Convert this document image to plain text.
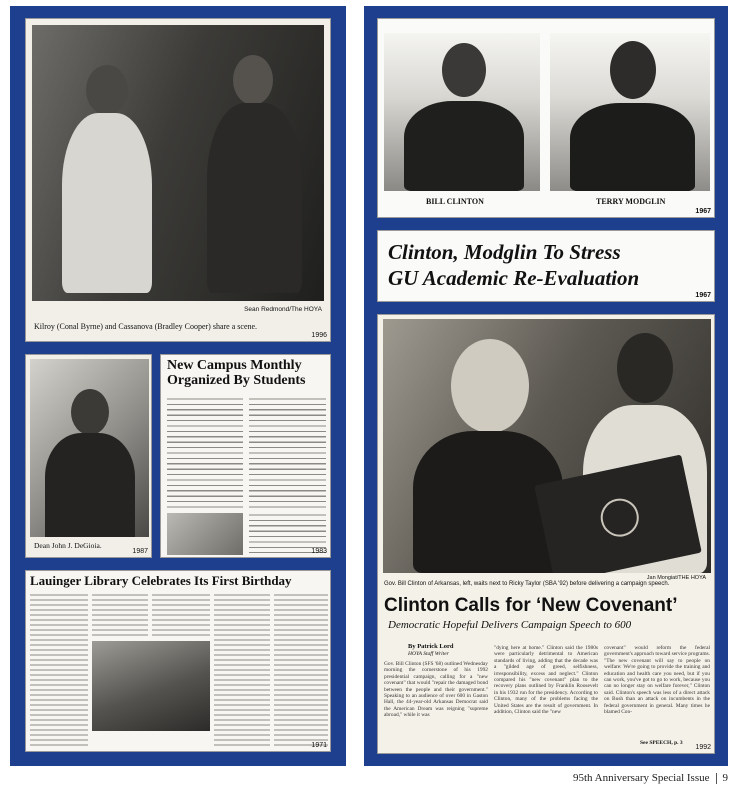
Sean Redmond/The HOYA
Kilroy (Conal Byrne) and Cassanova (Bradley Cooper) share a scene.
1996
Dean John J. DeGioia.
1987
New Campus Monthly Organized By Students
1983
Lauinger Library Celebrates Its First Birthday
1971
BILL CLINTON	TERRY MODGLIN
1967
Clinton, Modglin To Stress
GU Academic Re-Evaluation
1967
Jan Mongiat/THE HOYA
Gov. Bill Clinton of Arkansas, left, waits next to Ricky Taylor (SBA '92) before delivering a campaign speech.
Clinton Calls for ‘New Covenant’
Democratic Hopeful Delivers Campaign Speech to 600
By Patrick Lord
HOYA Staff Writer
Gov. Bill Clinton (SFS '68) outlined Wednesday morning the cornerstone of his 1992 presidential campaign, calling for a "new covenant" that would "repair the damaged bond between the people and their government." Speaking to an audience of over 600 in Gaston Hall, the 44-year-old Arkansas Democrat said the American Dream was reigning "supreme abroad," while it was
"dying here at home." Clinton said the 1980s were particularly detrimental to American standards of living, adding that the decade was a "gilded age of greed, selfishness, irresponsibility, excess and neglect." Clinton compared his "new covenant" plan to the recovery plans outlined by Franklin Roosevelt in his 1932 run for the presidency. According to Clinton, many of the problems facing the United States are the result of government. In addition, Clinton said the "new
covenant" would reform the federal government's approach toward service programs. "The new covenant will say to people on welfare: We're going to provide the training and education and health care you need, but if you can work, you've got to go to work, because you can no longer stay on welfare forever," Clinton said. Clinton's speech was less of a direct attack on Bush than an attack on incumbents in the federal government in general. Many times he blamed Con-
See SPEECH, p. 3
1992
95th Anniversary Special Issue 9
